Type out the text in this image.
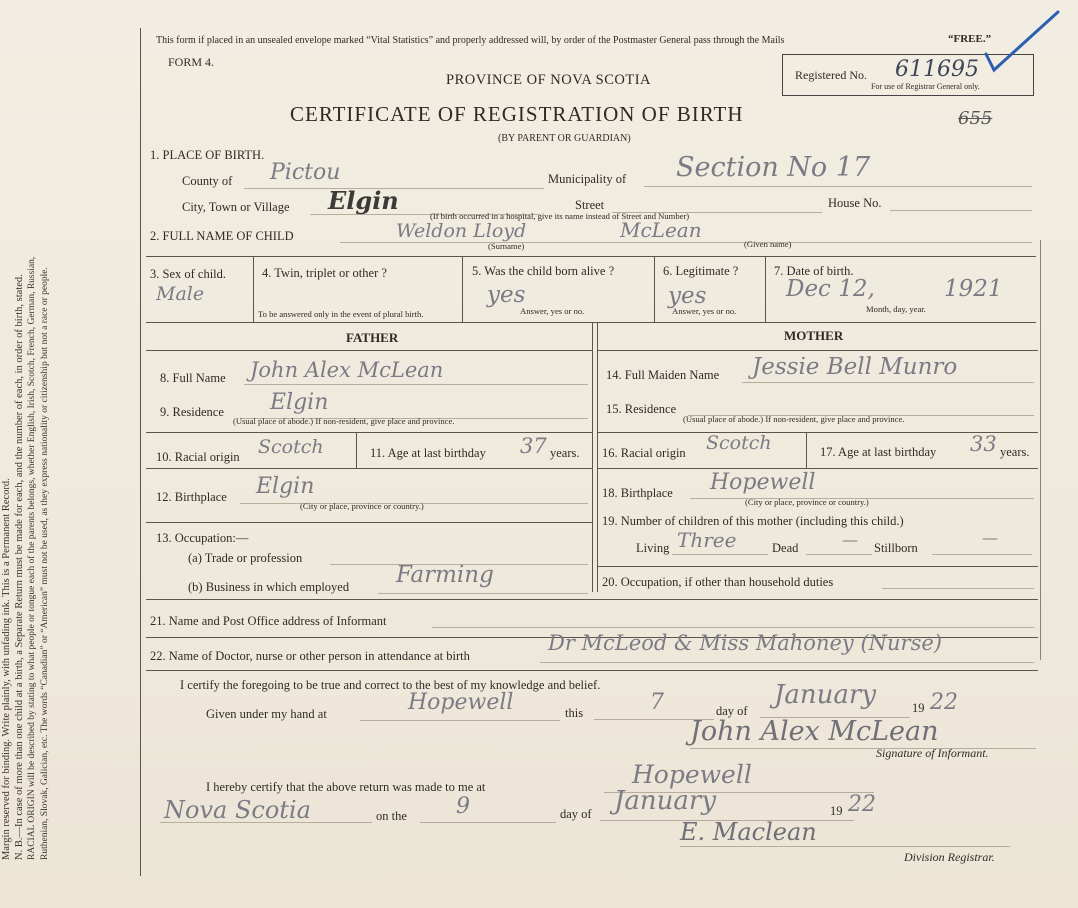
Margin reserved for binding. Write plainly, with unfading ink. This is a Permanent Record. N. B.—In case of more than one child at a birth, a Separate Return must be made for each, and the number of each, in order of birth, stated. RACIAL ORIGIN will be described by stating to what people or tongue each of the parents belongs, whether English, Irish, Scotch, French, German, Russian, Ruthenian, Slovak, Galician, etc. The words “Canadian” or “American” must not be used, as they express nationality or citizenship but not a race or people.
This form if placed in an unsealed envelope marked “Vital Statistics” and properly addressed will, by order of the Postmaster General pass through the Mails	“FREE.”
FORM 4.
PROVINCE OF NOVA SCOTIA
CERTIFICATE OF REGISTRATION OF BIRTH
(BY PARENT OR GUARDIAN)
Registered No. 611695
For use of Registrar General only.
655
1. PLACE OF BIRTH.
County of Pictou	Municipality of Section No 17
City, Town or Village Elgin	Street	House No.
(If birth occurred in a hospital, give its name instead of Street and Number)
2. FULL NAME OF CHILD	Weldon Lloyd	McLean
(Surname)	(Given name)
3. Sex of child.
Male
4. Twin, triplet or other ?
To be answered only in the event of plural birth.
5. Was the child born alive ?
yes
Answer, yes or no.
6. Legitimate ?
yes
Answer, yes or no.
7. Date of birth.
Dec 12,	1921
Month, day, year.
FATHER	MOTHER
8. Full Name John Alex McLean
9. Residence Elgin
(Usual place of abode.) If non-resident, give place and province.
10. Racial origin Scotch	11. Age at last birthday 37 years.
12. Birthplace Elgin
(City or place, province or country.)
13. Occupation:—
(a) Trade or profession
(b) Business in which employed Farming
14. Full Maiden Name Jessie Bell Munro
15. Residence
(Usual place of abode.) If non-resident, give place and province.
16. Racial origin Scotch	17. Age at last birthday 33 years.
18. Birthplace Hopewell
(City or place, province or country.)
19. Number of children of this mother (including this child.)
Living Three	Dead	— Stillborn
—
20. Occupation, if other than household duties
21. Name and Post Office address of Informant
22. Name of Doctor, nurse or other person in attendance at birth
Dr McLeod & Miss Mahoney (Nurse)
I certify the foregoing to be true and correct to the best of my knowledge and belief.
Given under my hand at	Hopewell	this	7	day of
January	19 22
John Alex McLean
Signature of Informant.
I hereby certify that the above return was made to me at	Hopewell
Nova Scotia	on the 9	day of January	19 22
E. Maclean
Division Registrar.
